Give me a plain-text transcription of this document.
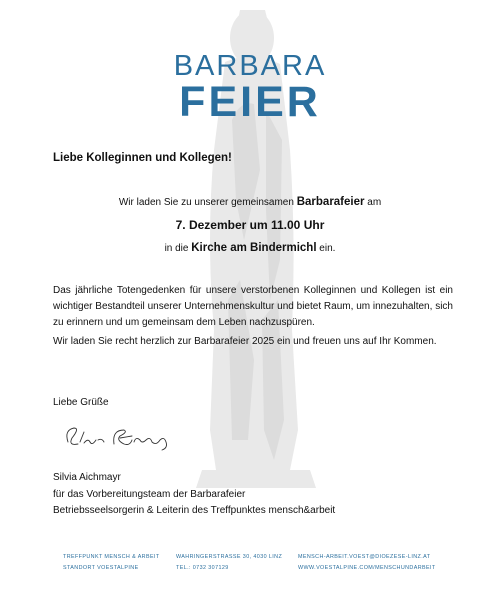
BARBARA
FEIER
Liebe Kolleginnen und Kollegen!
Wir laden Sie zu unserer gemeinsamen Barbarafeier am
7. Dezember um 11.00 Uhr
in die Kirche am Bindermichl ein.
Das jährliche Totengedenken für unsere verstorbenen Kolleginnen und Kollegen ist ein wichtiger Bestandteil unserer Unternehmenskultur und bietet Raum, um innezuhalten, sich zu erinnern und um gemeinsam dem Leben nachzuspüren.
Wir laden Sie recht herzlich zur Barbarafeier 2025 ein und freuen uns auf Ihr Kommen.
Liebe Grüße
Silvia Aichmayr
für das Vorbereitungsteam der Barbarafeier
Betriebsseelsorgerin & Leiterin des Treffpunktes mensch&arbeit
TREFFPUNKT MENSCH & ARBEIT
STANDORT VOESTALPINE
WAHRINGERSTRASSE 30, 4030 LINZ
TEL.: 0732 307129
MENSCH-ARBEIT.VOEST@DIOEZESE-LINZ.AT
WWW.VOESTALPINE.COM/MENSCHUNDARBEIT
